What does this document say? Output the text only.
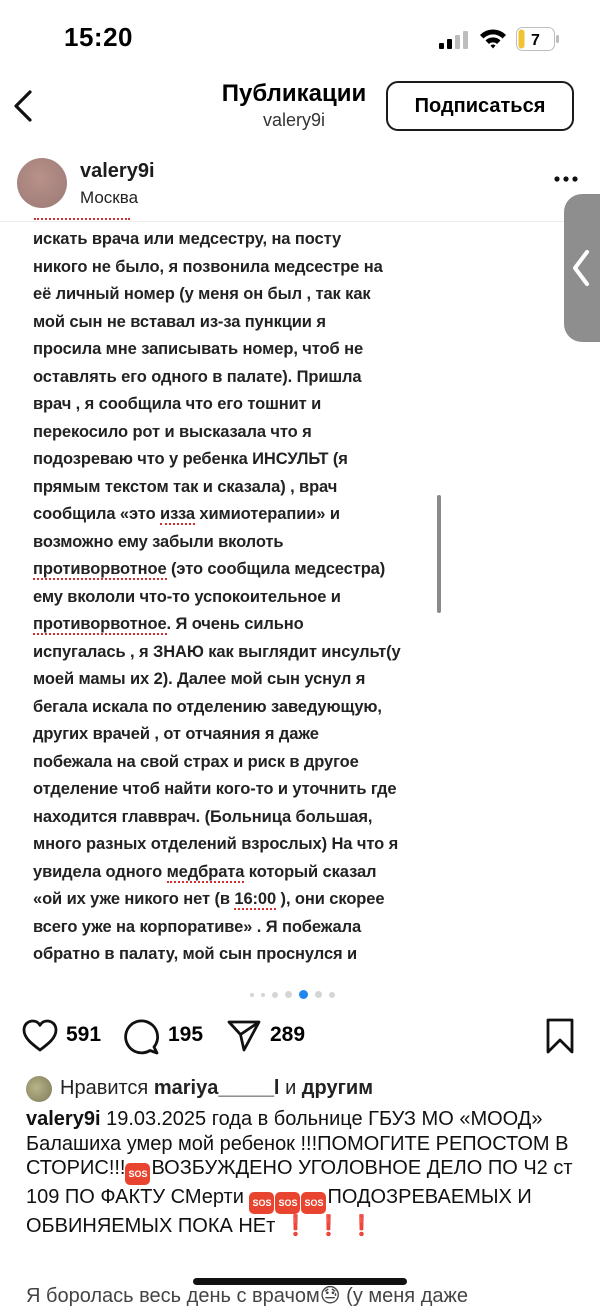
15:20	7
Публикации
valery9i
Подписаться
valery9i
Москва
искать врача или медсестру, на посту
никого не было, я позвонила медсестре на
её личный номер (у меня он был , так как
мой сын не вставал из-за пункции я
просила мне записывать номер, чтоб не
оставлять его одного в палате). Пришла
врач , я сообщила что его тошнит и
перекосило рот и высказала что я
подозреваю что у ребенка ИНСУЛЬТ (я
прямым текстом так и сказала) , врач
сообщила «это изза химиотерапии» и
возможно ему забыли вколоть
противорвотное (это сообщила медсестра)
ему вкололи что-то успокоительное и
противорвотное. Я очень сильно
испугалась , я ЗНАЮ как выглядит инсульт(у
моей мамы их 2). Далее мой сын уснул я
бегала искала по отделению заведующую,
других врачей , от отчаяния я даже
побежала на свой страх и риск в другое
отделение чтоб найти кого-то и уточнить где
находится главврач. (Больница большая,
много разных отделений взрослых) На что я
увидела одного медбрата который сказал
«ой их уже никого нет (в 16:00 ), они скорее
всего уже на корпоративе» . Я побежала
обратно в палату, мой сын проснулся и
591	195	289
Нравится mariya_____l и другим
valery9i 19.03.2025 года в больнице ГБУЗ МО «МООД» Балашиха умер мой ребенок !!!ПОМОГИТЕ РЕПОСТОМ В СТОРИС!!! SOS ВОЗБУЖДЕНО УГОЛОВНОЕ ДЕЛО ПО Ч2 ст 109 ПО ФАКТУ СМерти SOS SOS SOS ПОДОЗРЕВАЕМЫХ И ОБВИНЯЕМЫХ ПОКА НЕт ❗ ❗ ❗
Я боролась весь день с врачом😓 (у меня даже
